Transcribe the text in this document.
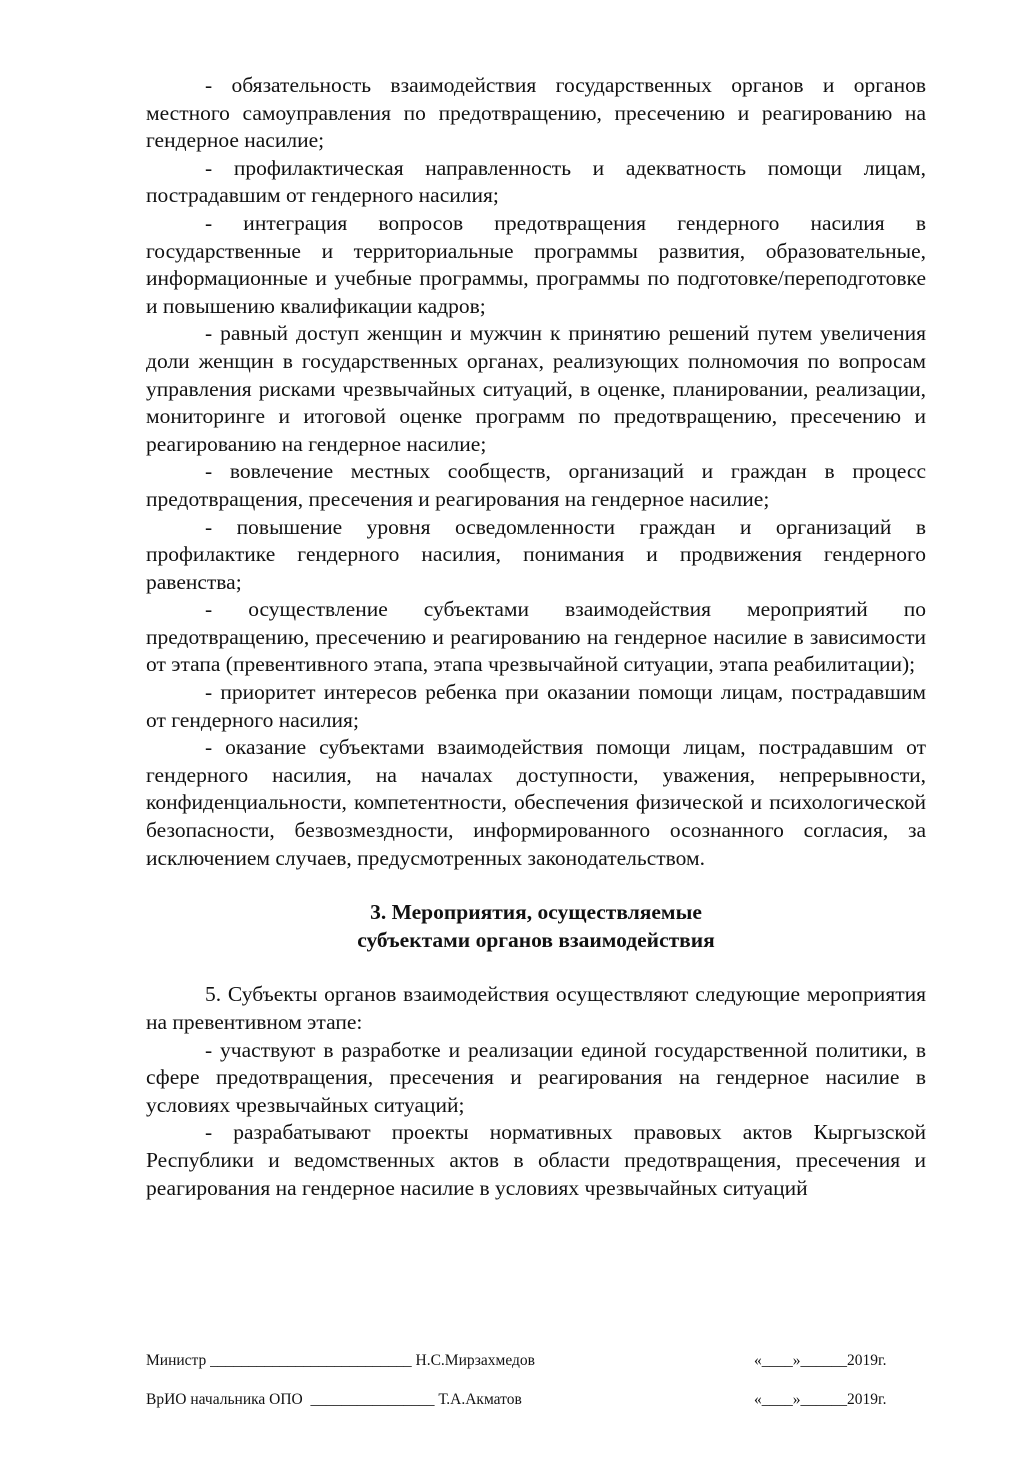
- обязательность взаимодействия государственных органов и органов местного самоуправления по предотвращению, пресечению и реагированию на гендерное насилие;

- профилактическая направленность и адекватность помощи лицам, пострадавшим от гендерного насилия;

- интеграция вопросов предотвращения гендерного насилия в государственные и территориальные программы развития, образовательные, информационные и учебные программы, программы по подготовке/переподготовке и повышению квалификации кадров;

- равный доступ женщин и мужчин к принятию решений путем увеличения доли женщин в государственных органах, реализующих полномочия по вопросам управления рисками чрезвычайных ситуаций, в оценке, планировании, реализации, мониторинге и итоговой оценке программ по предотвращению, пресечению и реагированию на гендерное насилие;

- вовлечение местных сообществ, организаций и граждан в процесс предотвращения, пресечения и реагирования на гендерное насилие;

- повышение уровня осведомленности граждан и организаций в профилактике гендерного насилия, понимания и продвижения гендерного равенства;

- осуществление субъектами взаимодействия мероприятий по предотвращению, пресечению и реагированию на гендерное насилие в зависимости от этапа (превентивного этапа, этапа чрезвычайной ситуации, этапа реабилитации);

- приоритет интересов ребенка при оказании помощи лицам, пострадавшим от гендерного насилия;

- оказание субъектами взаимодействия помощи лицам, пострадавшим от гендерного насилия, на началах доступности, уважения, непрерывности, конфиденциальности, компетентности, обеспечения физической и психологической безопасности, безвозмездности, информированного осознанного согласия, за исключением случаев, предусмотренных законодательством.

3. Мероприятия, осуществляемые

субъектами органов взаимодействия

5. Субъекты органов взаимодействия осуществляют следующие мероприятия на превентивном этапе:

- участвуют в разработке и реализации единой государственной политики, в сфере предотвращения, пресечения и реагирования на гендерное насилие в условиях чрезвычайных ситуаций;

- разрабатывают проекты нормативных правовых актов Кыргызской Республики и ведомственных актов в области предотвращения, пресечения и реагирования на гендерное насилие в условиях чрезвычайных ситуаций

Министр __________________________ Н.С.Мирзахмедов

	«____»______2019г.

ВрИО начальника ОПО  ________________ Т.А.Акматов

	«____»______2019г.
